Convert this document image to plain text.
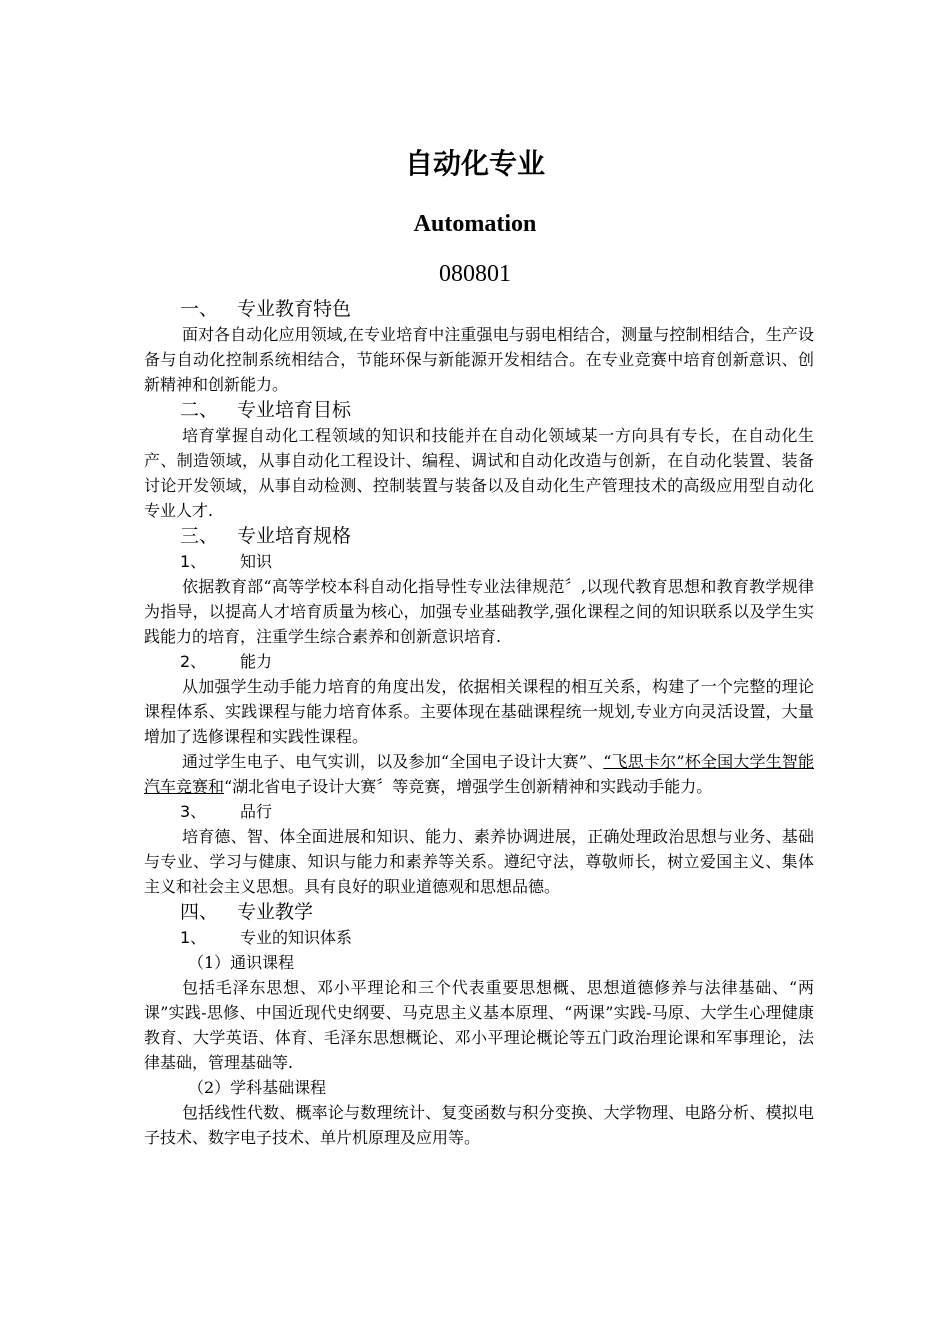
自动化专业
Automation
080801
一、 专业教育特色

面对各自动化应用领域,在专业培育中注重强电与弱电相结合，测量与控制相结合，生产设备与自动化控制系统相结合，节能环保与新能源开发相结合。在专业竞赛中培育创新意识、创新精神和创新能力。

二、 专业培育目标

培育掌握自动化工程领域的知识和技能并在自动化领域某一方向具有专长，在自动化生产、制造领域，从事自动化工程设计、编程、调试和自动化改造与创新，在自动化装置、装备讨论开发领域，从事自动检测、控制装置与装备以及自动化生产管理技术的高级应用型自动化专业人才.

三、 专业培育规格
1、 知识

依据教育部“高等学校本科自动化指导性专业法律规范〞,以现代教育思想和教育教学规律为指导，以提高人才培育质量为核心，加强专业基础教学,强化课程之间的知识联系以及学生实践能力的培育，注重学生综合素养和创新意识培育.

2、 能力

从加强学生动手能力培育的角度出发，依据相关课程的相互关系，构建了一个完整的理论课程体系、实践课程与能力培育体系。主要体现在基础课程统一规划,专业方向灵活设置，大量增加了选修课程和实践性课程。

通过学生电子、电气实训，以及参加“全国电子设计大赛”、“飞思卡尔”杯全国大学生智能汽车竞赛和“湖北省电子设计大赛〞等竞赛，增强学生创新精神和实践动手能力。

3、 品行

培育德、智、体全面进展和知识、能力、素养协调进展，正确处理政治思想与业务、基础与专业、学习与健康、知识与能力和素养等关系。遵纪守法，尊敬师长，树立爱国主义、集体主义和社会主义思想。具有良好的职业道德观和思想品德。

四、 专业教学
1、 专业的知识体系
（1）通识课程

包括毛泽东思想、邓小平理论和三个代表重要思想概、思想道德修养与法律基础、“两课”实践-思修、中国近现代史纲要、马克思主义基本原理、“两课”实践-马原、大学生心理健康教育、大学英语、体育、毛泽东思想概论、邓小平理论概论等五门政治理论课和军事理论，法律基础，管理基础等.

（2）学科基础课程

包括线性代数、概率论与数理统计、复变函数与积分变换、大学物理、电路分析、模拟电子技术、数字电子技术、单片机原理及应用等。
